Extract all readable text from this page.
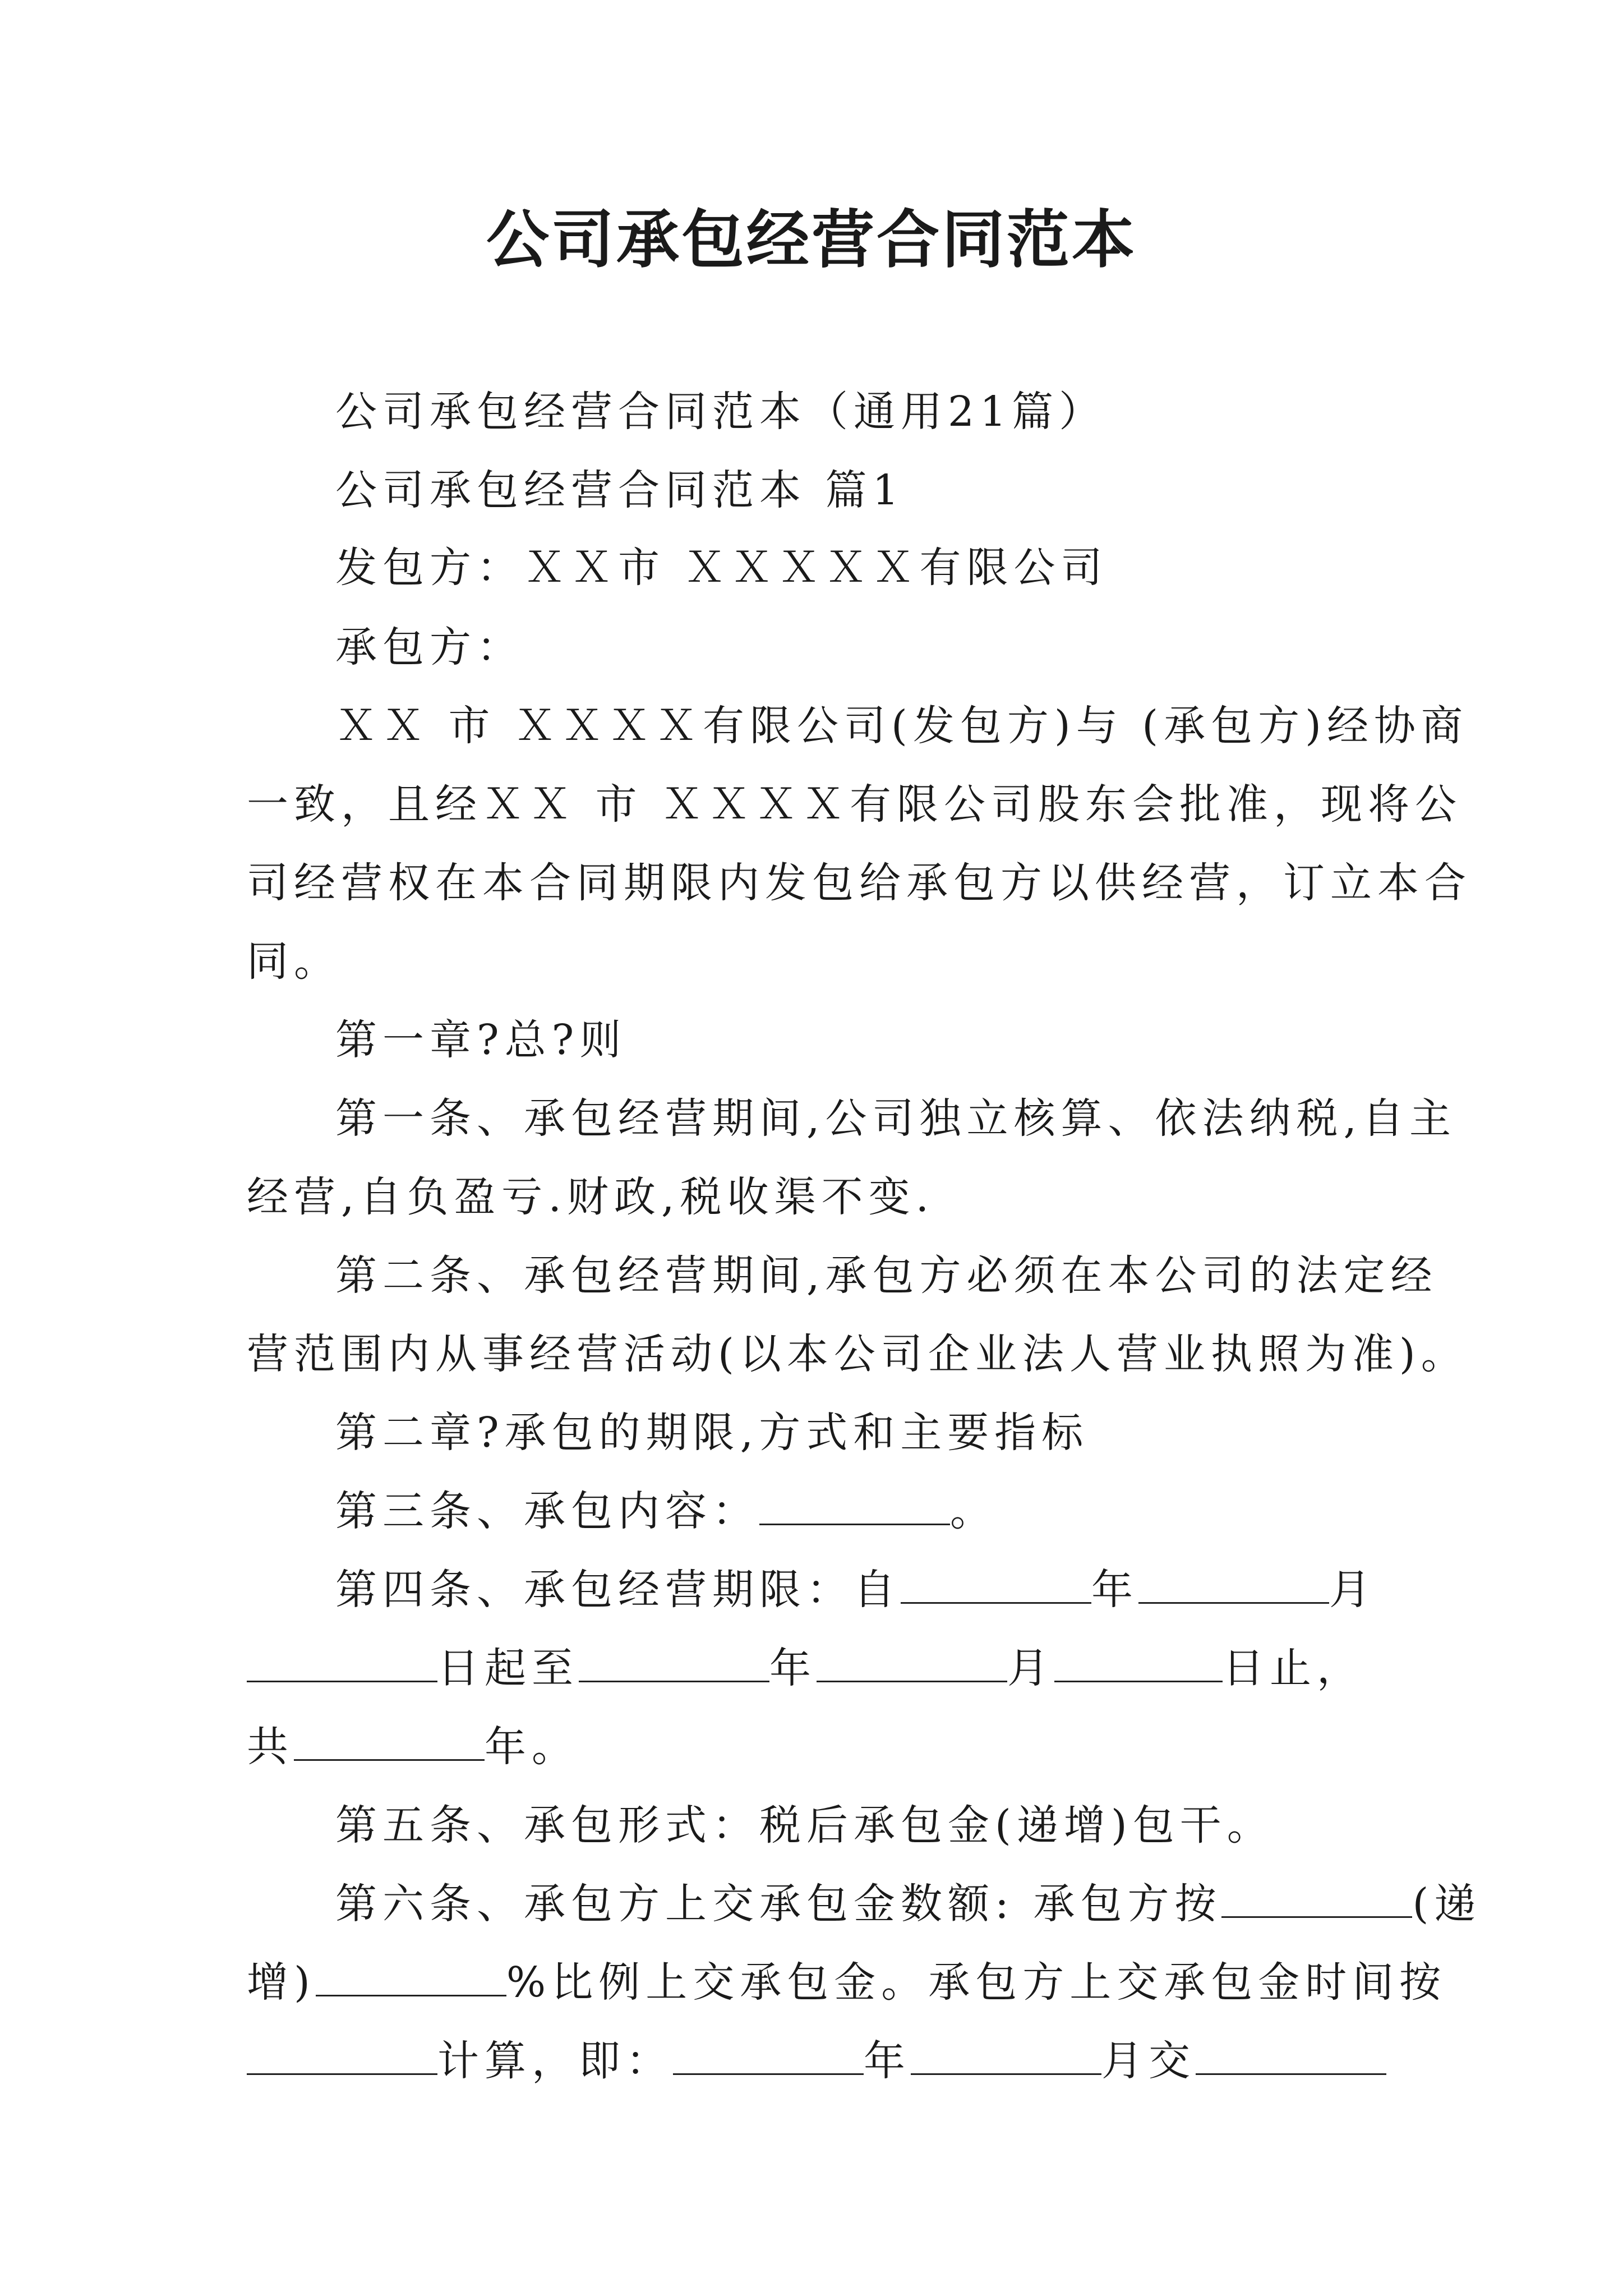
公司承包经营合同范本
公司承包经营合同范本（通用21篇）
公司承包经营合同范本 篇1
发包方：ＸＸ市 ＸＸＸＸＸ有限公司
承包方：
ＸＸ 市 ＸＸＸＸ有限公司(发包方)与 (承包方)经协商
一致，且经ＸＸ 市 ＸＸＸＸ有限公司股东会批准，现将公
司经营权在本合同期限内发包给承包方以供经营，订立本合
同。
第一章?总?则
第一条、承包经营期间,公司独立核算、依法纳税,自主
经营,自负盈亏.财政,税收渠不变.
第二条、承包经营期间,承包方必须在本公司的法定经
营范围内从事经营活动(以本公司企业法人营业执照为准)。
第二章?承包的期限,方式和主要指标
第三条、承包内容：	。
第四条、承包经营期限：自	年	月
日起至	年	月	日止，
共	年。
第五条、承包形式：税后承包金(递增)包干。
第六条、承包方上交承包金数额: 承包方按	(递
增)	%比例上交承包金。承包方上交承包金时间按
计算，即：	年	月交
